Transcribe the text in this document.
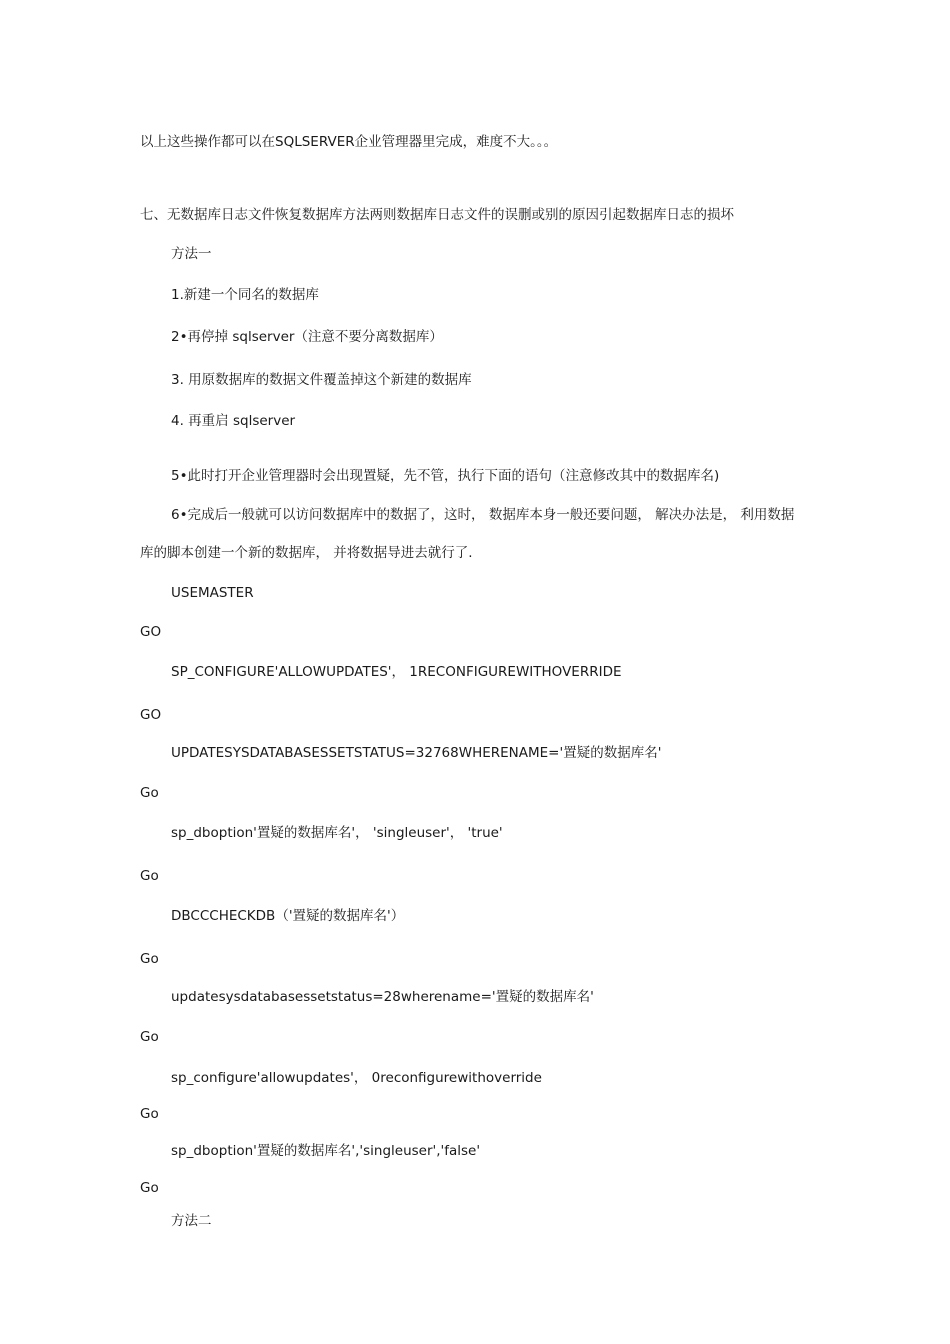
以上这些操作都可以在SQLSERVER企业管理器里完成，难度不大。。。
七、无数据库日志文件恢复数据库方法两则数据库日志文件的误删或别的原因引起数据库日志的损坏
方法一
1.新建一个同名的数据库
2•再停掉 sqlserver（注意不要分离数据库）
3. 用原数据库的数据文件覆盖掉这个新建的数据库
4. 再重启 sqlserver
5•此时打开企业管理器时会出现置疑，先不管，执行下面的语句（注意修改其中的数据库名)
6•完成后一般就可以访问数据库中的数据了，这时， 数据库本身一般还要问题， 解决办法是， 利用数据
库的脚本创建一个新的数据库， 并将数据导进去就行了.
USEMASTER
GO
SP_CONFIGURE'ALLOWUPDATES'， 1RECONFIGUREWITHOVERRIDE
GO
UPDATESYSDATABASESSETSTATUS=32768WHERENAME='置疑的数据库名'
Go
sp_dboption'置疑的数据库名'， 'singleuser'， 'true'
Go
DBCCCHECKDB（'置疑的数据库名'）
Go
updatesysdatabasessetstatus=28wherename='置疑的数据库名'
Go
sp_configure'allowupdates'， 0reconfigurewithoverride
Go
sp_dboption'置疑的数据库名','singleuser','false'
Go
方法二
